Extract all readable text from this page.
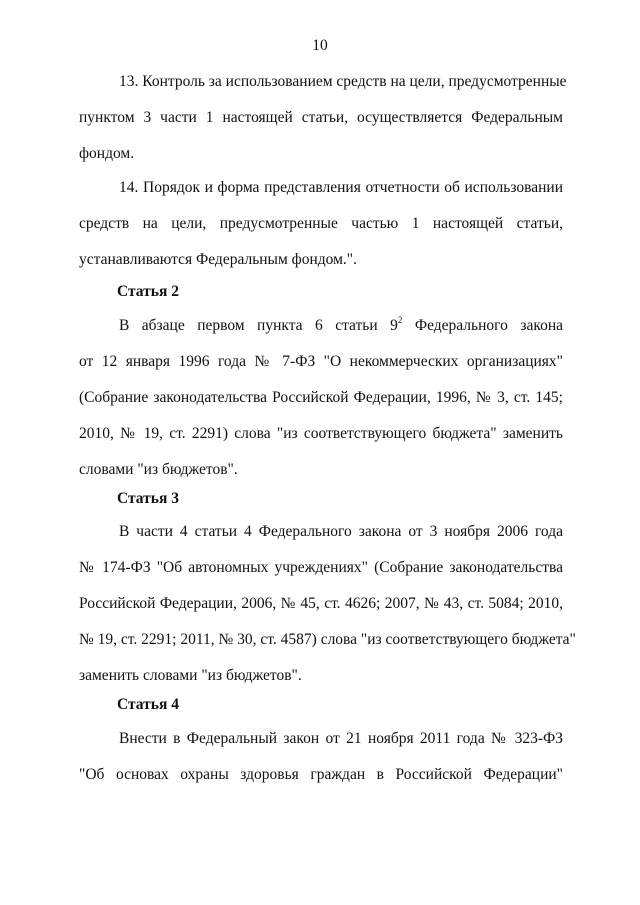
10
13. Контроль за использованием средств на цели, предусмотренные
пунктом 3 части 1 настоящей статьи, осуществляется Федеральным
фондом.
14. Порядок и форма представления отчетности об использовании
средств на цели, предусмотренные частью 1 настоящей статьи,
устанавливаются Федеральным фондом.".
Статья 2
В абзаце первом пункта 6 статьи $9^2$ Федерального закона
от 12 января 1996 года № 7-ФЗ "О некоммерческих организациях"
(Собрание законодательства Российской Федерации, 1996, № 3, ст. 145;
2010, № 19, ст. 2291) слова "из соответствующего бюджета" заменить
словами "из бюджетов".
Статья 3
В части 4 статьи 4 Федерального закона от 3 ноября 2006 года
№ 174-ФЗ "Об автономных учреждениях" (Собрание законодательства
Российской Федерации, 2006, № 45, ст. 4626; 2007, № 43, ст. 5084; 2010,
№ 19, ст. 2291; 2011, № 30, ст. 4587) слова "из соответствующего бюджета"
заменить словами "из бюджетов".
Статья 4
Внести в Федеральный закон от 21 ноября 2011 года № 323-ФЗ
"Об основах охраны здоровья граждан в Российской Федерации"
